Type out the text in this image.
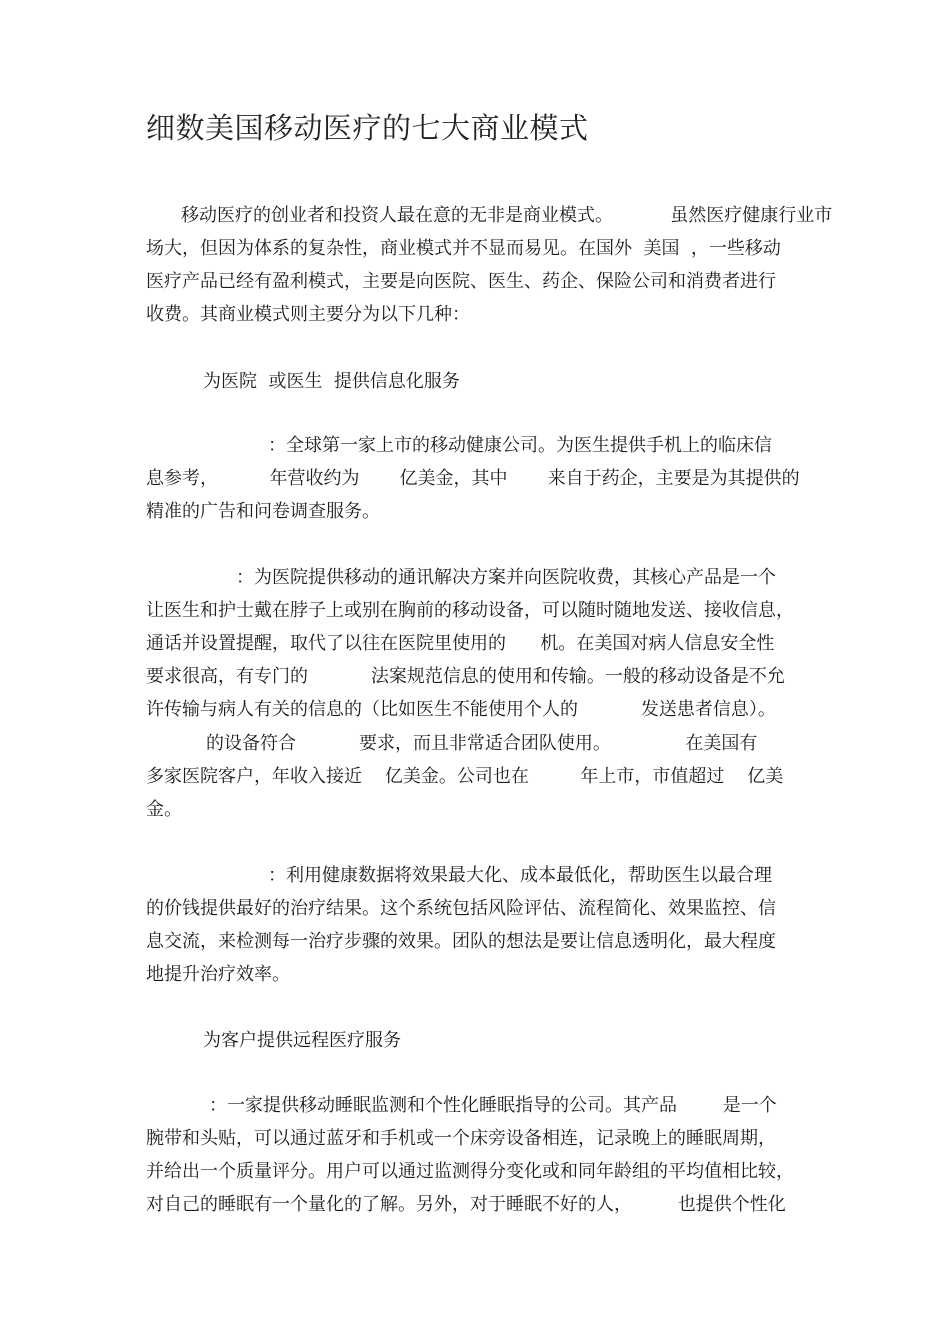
细数美国移动医疗的七大商业模式
移动医疗的创业者和投资人最在意的无非是商业模式。          虽然医疗健康行业市
场大，但因为体系的复杂性，商业模式并不显而易见。在国外  美国  ，一些移动
医疗产品已经有盈利模式，主要是向医院、医生、药企、保险公司和消费者进行
收费。其商业模式则主要分为以下几种：
为医院  或医生  提供信息化服务
：全球第一家上市的移动健康公司。为医生提供手机上的临床信
息参考，         年营收约为       亿美金，其中       来自于药企，主要是为其提供的
精准的广告和问卷调查服务。
：为医院提供移动的通讯解决方案并向医院收费，其核心产品是一个
让医生和护士戴在脖子上或别在胸前的移动设备，可以随时随地发送、接收信息，
通话并设置提醒，取代了以往在医院里使用的      机。在美国对病人信息安全性
要求很高，有专门的           法案规范信息的使用和传输。一般的移动设备是不允
许传输与病人有关的信息的（比如医生不能使用个人的           发送患者信息）。
的设备符合           要求，而且非常适合团队使用。             在美国有
多家医院客户，年收入接近    亿美金。公司也在         年上市，市值超过    亿美
金。
：利用健康数据将效果最大化、成本最低化，帮助医生以最合理
的价钱提供最好的治疗结果。这个系统包括风险评估、流程简化、效果监控、信
息交流，来检测每一治疗步骤的效果。团队的想法是要让信息透明化，最大程度
地提升治疗效率。
为客户提供远程医疗服务
：一家提供移动睡眠监测和个性化睡眠指导的公司。其产品        是一个
腕带和头贴，可以通过蓝牙和手机或一个床旁设备相连，记录晚上的睡眠周期，
并给出一个质量评分。用户可以通过监测得分变化或和同年龄组的平均值相比较，
对自己的睡眠有一个量化的了解。另外，对于睡眠不好的人，        也提供个性化
